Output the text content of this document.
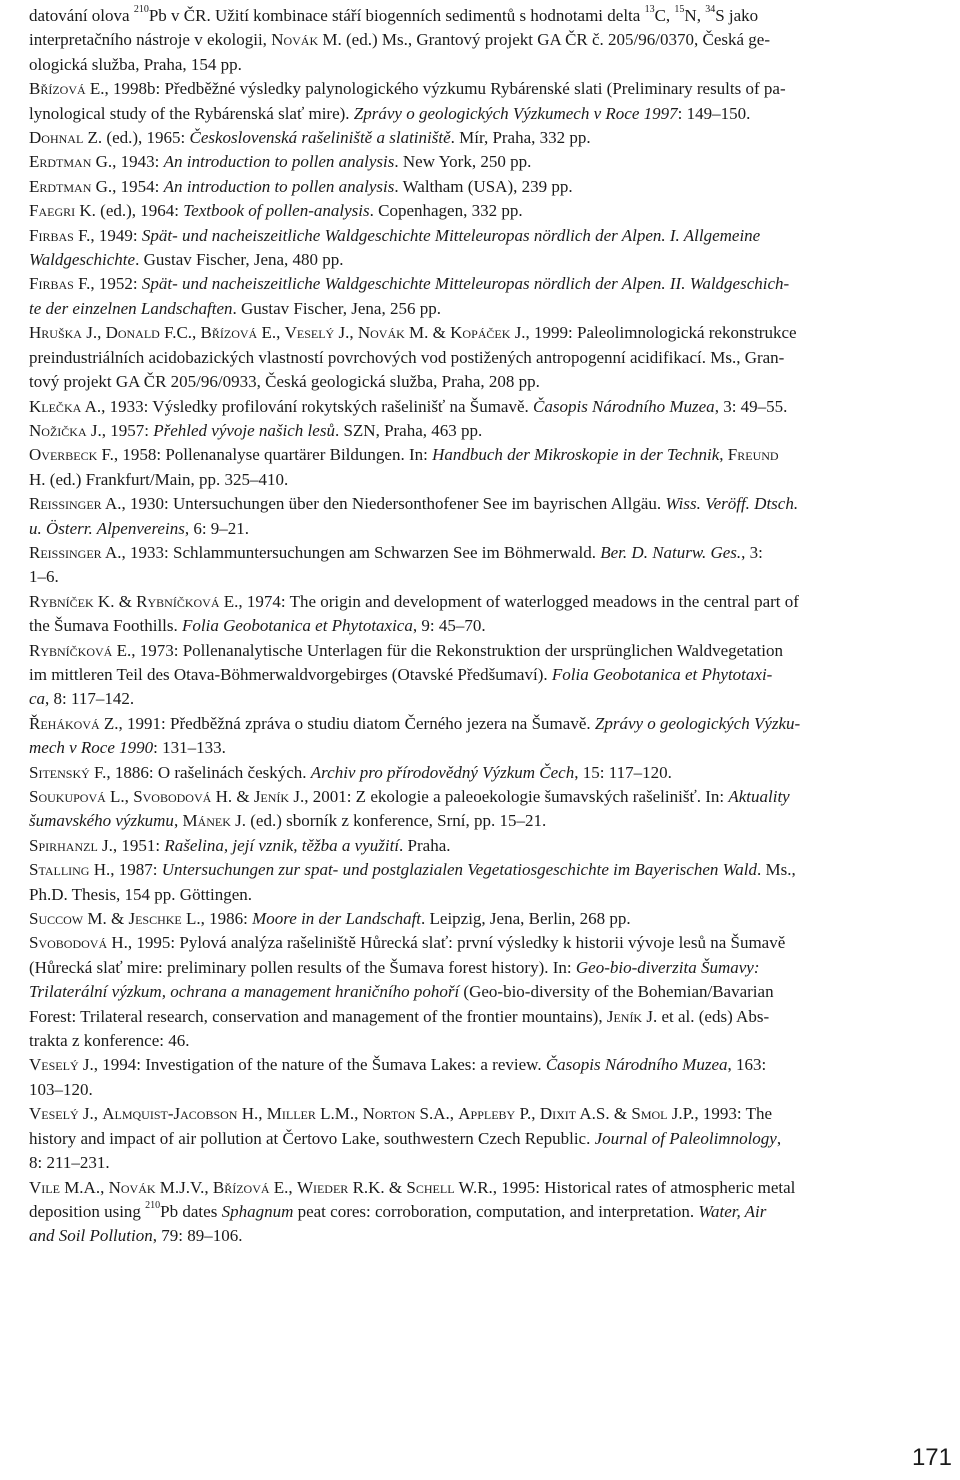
datování olova $^{210}$Pb v ČR. Užití kombinace stáří biogenních sedimentů s hodnotami delta $^{13}$C, $^{15}$N, $^{34}$S jako
interpretačního nástroje v ekologii, Novák M. (ed.) Ms., Grantový projekt GA ČR č. 205/96/0370, Česká ge-
ologická služba, Praha, 154 pp.
Břízová E., 1998b: Předběžné výsledky palynologického výzkumu Rybárenské slati (Preliminary results of pa-
lynological study of the Rybárenská slať mire). Zprávy o geologických Výzkumech v Roce 1997: 149–150.
Dohnal Z. (ed.), 1965: Československá rašeliniště a slatiniště. Mír, Praha, 332 pp.
Erdtman G., 1943: An introduction to pollen analysis. New York, 250 pp.
Erdtman G., 1954: An introduction to pollen analysis. Waltham (USA), 239 pp.
Faegri K. (ed.), 1964: Textbook of pollen-analysis. Copenhagen, 332 pp.
Firbas F., 1949: Spät- und nacheiszeitliche Waldgeschichte Mitteleuropas nördlich der Alpen. I. Allgemeine
Waldgeschichte. Gustav Fischer, Jena, 480 pp.
Firbas F., 1952: Spät- und nacheiszeitliche Waldgeschichte Mitteleuropas nördlich der Alpen. II. Waldgeschich-
te der einzelnen Landschaften. Gustav Fischer, Jena, 256 pp.
Hruška J., Donald F.C., Břízová E., Veselý J., Novák M. & Kopáček J., 1999: Paleolimnologická rekonstrukce
preindustriálních acidobazických vlastností povrchových vod postižených antropogenní acidifikací. Ms., Gran-
tový projekt GA ČR 205/96/0933, Česká geologická služba, Praha, 208 pp.
Klečka A., 1933: Výsledky profilování rokytských rašelinišť na Šumavě. Časopis Národního Muzea, 3: 49–55.
Nožička J., 1957: Přehled vývoje našich lesů. SZN, Praha, 463 pp.
Overbeck F., 1958: Pollenanalyse quartärer Bildungen. In: Handbuch der Mikroskopie in der Technik, Freund
H. (ed.) Frankfurt/Main, pp. 325–410.
Reissinger A., 1930: Untersuchungen über den Niedersonthofener See im bayrischen Allgäu. Wiss. Veröff. Dtsch.
u. Österr. Alpenvereins, 6: 9–21.
Reissinger A., 1933: Schlammuntersuchungen am Schwarzen See im Böhmerwald. Ber. D. Naturw. Ges., 3:
1–6.
Rybníček K. & Rybníčková E., 1974: The origin and development of waterlogged meadows in the central part of
the Šumava Foothills. Folia Geobotanica et Phytotaxica, 9: 45–70.
Rybníčková E., 1973: Pollenanalytische Unterlagen für die Rekonstruktion der ursprünglichen Waldvegetation
im mittleren Teil des Otava-Böhmerwaldvorgebirges (Otavské Předšumaví). Folia Geobotanica et Phytotaxi-
ca, 8: 117–142.
Řeháková Z., 1991: Předběžná zpráva o studiu diatom Černého jezera na Šumavě. Zprávy o geologických Výzku-
mech v Roce 1990: 131–133.
Sitenský F., 1886: O rašelinách českých. Archiv pro přírodovědný Výzkum Čech, 15: 117–120.
Soukupová L., Svobodová H. & Jeník J., 2001: Z ekologie a paleoekologie šumavských rašelinišť. In: Aktuality
šumavského výzkumu, Mánek J. (ed.) sborník z konference, Srní, pp. 15–21.
Spirhanzl J., 1951: Rašelina, její vznik, těžba a využití. Praha.
Stalling H., 1987: Untersuchungen zur spat- und postglazialen Vegetatiosgeschichte im Bayerischen Wald. Ms.,
Ph.D. Thesis, 154 pp. Göttingen.
Succow M. & Jeschke L., 1986: Moore in der Landschaft. Leipzig, Jena, Berlin, 268 pp.
Svobodová H., 1995: Pylová analýza rašeliniště Hůrecká slať: první výsledky k historii vývoje lesů na Šumavě
(Hůrecká slať mire: preliminary pollen results of the Šumava forest history). In: Geo-bio-diverzita Šumavy:
Trilaterální výzkum, ochrana a management hraničního pohoří (Geo-bio-diversity of the Bohemian/Bavarian
Forest: Trilateral research, conservation and management of the frontier mountains), Jeník J. et al. (eds) Abs-
trakta z konference: 46.
Veselý J., 1994: Investigation of the nature of the Šumava Lakes: a review. Časopis Národního Muzea, 163:
103–120.
Veselý J., Almquist-Jacobson H., Miller L.M., Norton S.A., Appleby P., Dixit A.S. & Smol J.P., 1993: The
history and impact of air pollution at Čertovo Lake, southwestern Czech Republic. Journal of Paleolimnology,
8: 211–231.
Vile M.A., Novák M.J.V., Břízová E., Wieder R.K. & Schell W.R., 1995: Historical rates of atmospheric metal
deposition using $^{210}$Pb dates Sphagnum peat cores: corroboration, computation, and interpretation. Water, Air
and Soil Pollution, 79: 89–106.
171
